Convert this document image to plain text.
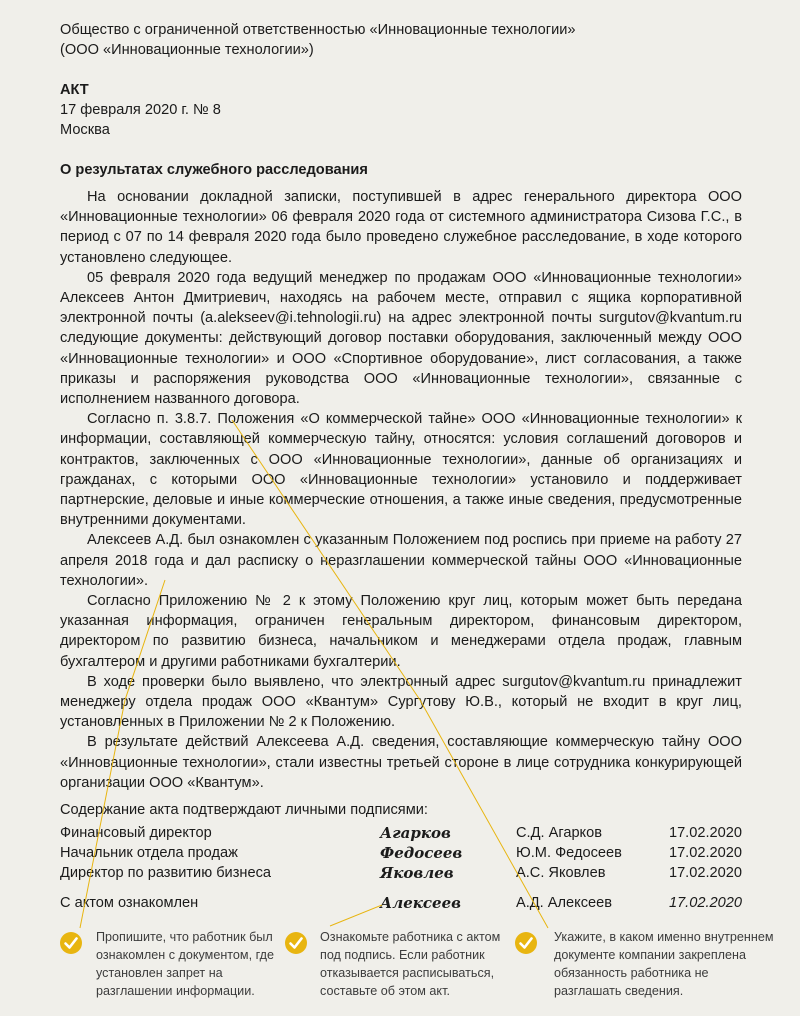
Общество с ограниченной ответственностью «Инновационные технологии»
(ООО «Инновационные технологии»)
АКТ
17 февраля 2020 г. № 8
Москва
О результатах служебного расследования

На основании докладной записки, поступившей в адрес генерального директора ООО «Инновационные технологии» 06 февраля 2020 года от системного администратора Сизова Г.С., в период с 07 по 14 февраля 2020 года было проведено служебное расследование, в ходе которого установлено следующее.

05 февраля 2020 года ведущий менеджер по продажам ООО «Инновационные технологии» Алексеев Антон Дмитриевич, находясь на рабочем месте, отправил с ящика корпоративной электронной почты (a.alekseev@i.tehnologii.ru) на адрес электронной почты surgutov@kvantum.ru следующие документы: действующий договор поставки оборудования, заключенный между ООО «Инновационные технологии» и ООО «Спортивное оборудование», лист согласования, а также приказы и распоряжения руководства ООО «Инновационные технологии», связанные с исполнением названного договора.

Согласно п. 3.8.7. Положения «О коммерческой тайне» ООО «Инновационные технологии» к информации, составляющей коммерческую тайну, относятся: условия соглашений договоров и контрактов, заключенных с ООО «Инновационные технологии», данные об организациях и гражданах, с которыми ООО «Инновационные технологии» установило и поддерживает партнерские, деловые и иные коммерческие отношения, а также иные сведения, предусмотренные внутренними документами.

Алексеев А.Д. был ознакомлен с указанным Положением под роспись при приеме на работу 27 апреля 2018 года и дал расписку о неразглашении коммерческой тайны ООО «Инновационные технологии».

Согласно Приложению № 2 к этому Положению круг лиц, которым может быть передана указанная информация, ограничен генеральным директором, финансовым директором, директором по развитию бизнеса, начальником и менеджерами отдела продаж, главным бухгалтером и другими работниками бухгалтерии.

В ходе проверки было выявлено, что электронный адрес surgutov@kvantum.ru принадлежит менеджеру отдела продаж ООО «Квантум» Сургутову Ю.В., который не входит в круг лиц, установленных в Приложении № 2 к Положению.

В результате действий Алексеева А.Д. сведения, составляющие коммерческую тайну ООО «Инновационные технологии», стали известны третьей стороне в лице сотрудника конкурирующей организации ООО «Квантум».

Содержание акта подтверждают личными подписями:
Финансовый директор	Агарков	С.Д. Агарков	17.02.2020
Начальник отдела продаж	Федосеев	Ю.М. Федосеев	17.02.2020
Директор по развитию бизнеса	Яковлев	А.С. Яковлев	17.02.2020
С актом ознакомлен	Алексеев	А.Д. Алексеев	17.02.2020
Пропишите, что работник был ознакомлен с документом, где установлен запрет на разглашении информации.
Ознакомьте работника с актом под подпись. Если работник отказывается расписываться, составьте об этом акт.
Укажите, в каком именно внутреннем документе компании закреплена обязанность работника не разглашать сведения.
